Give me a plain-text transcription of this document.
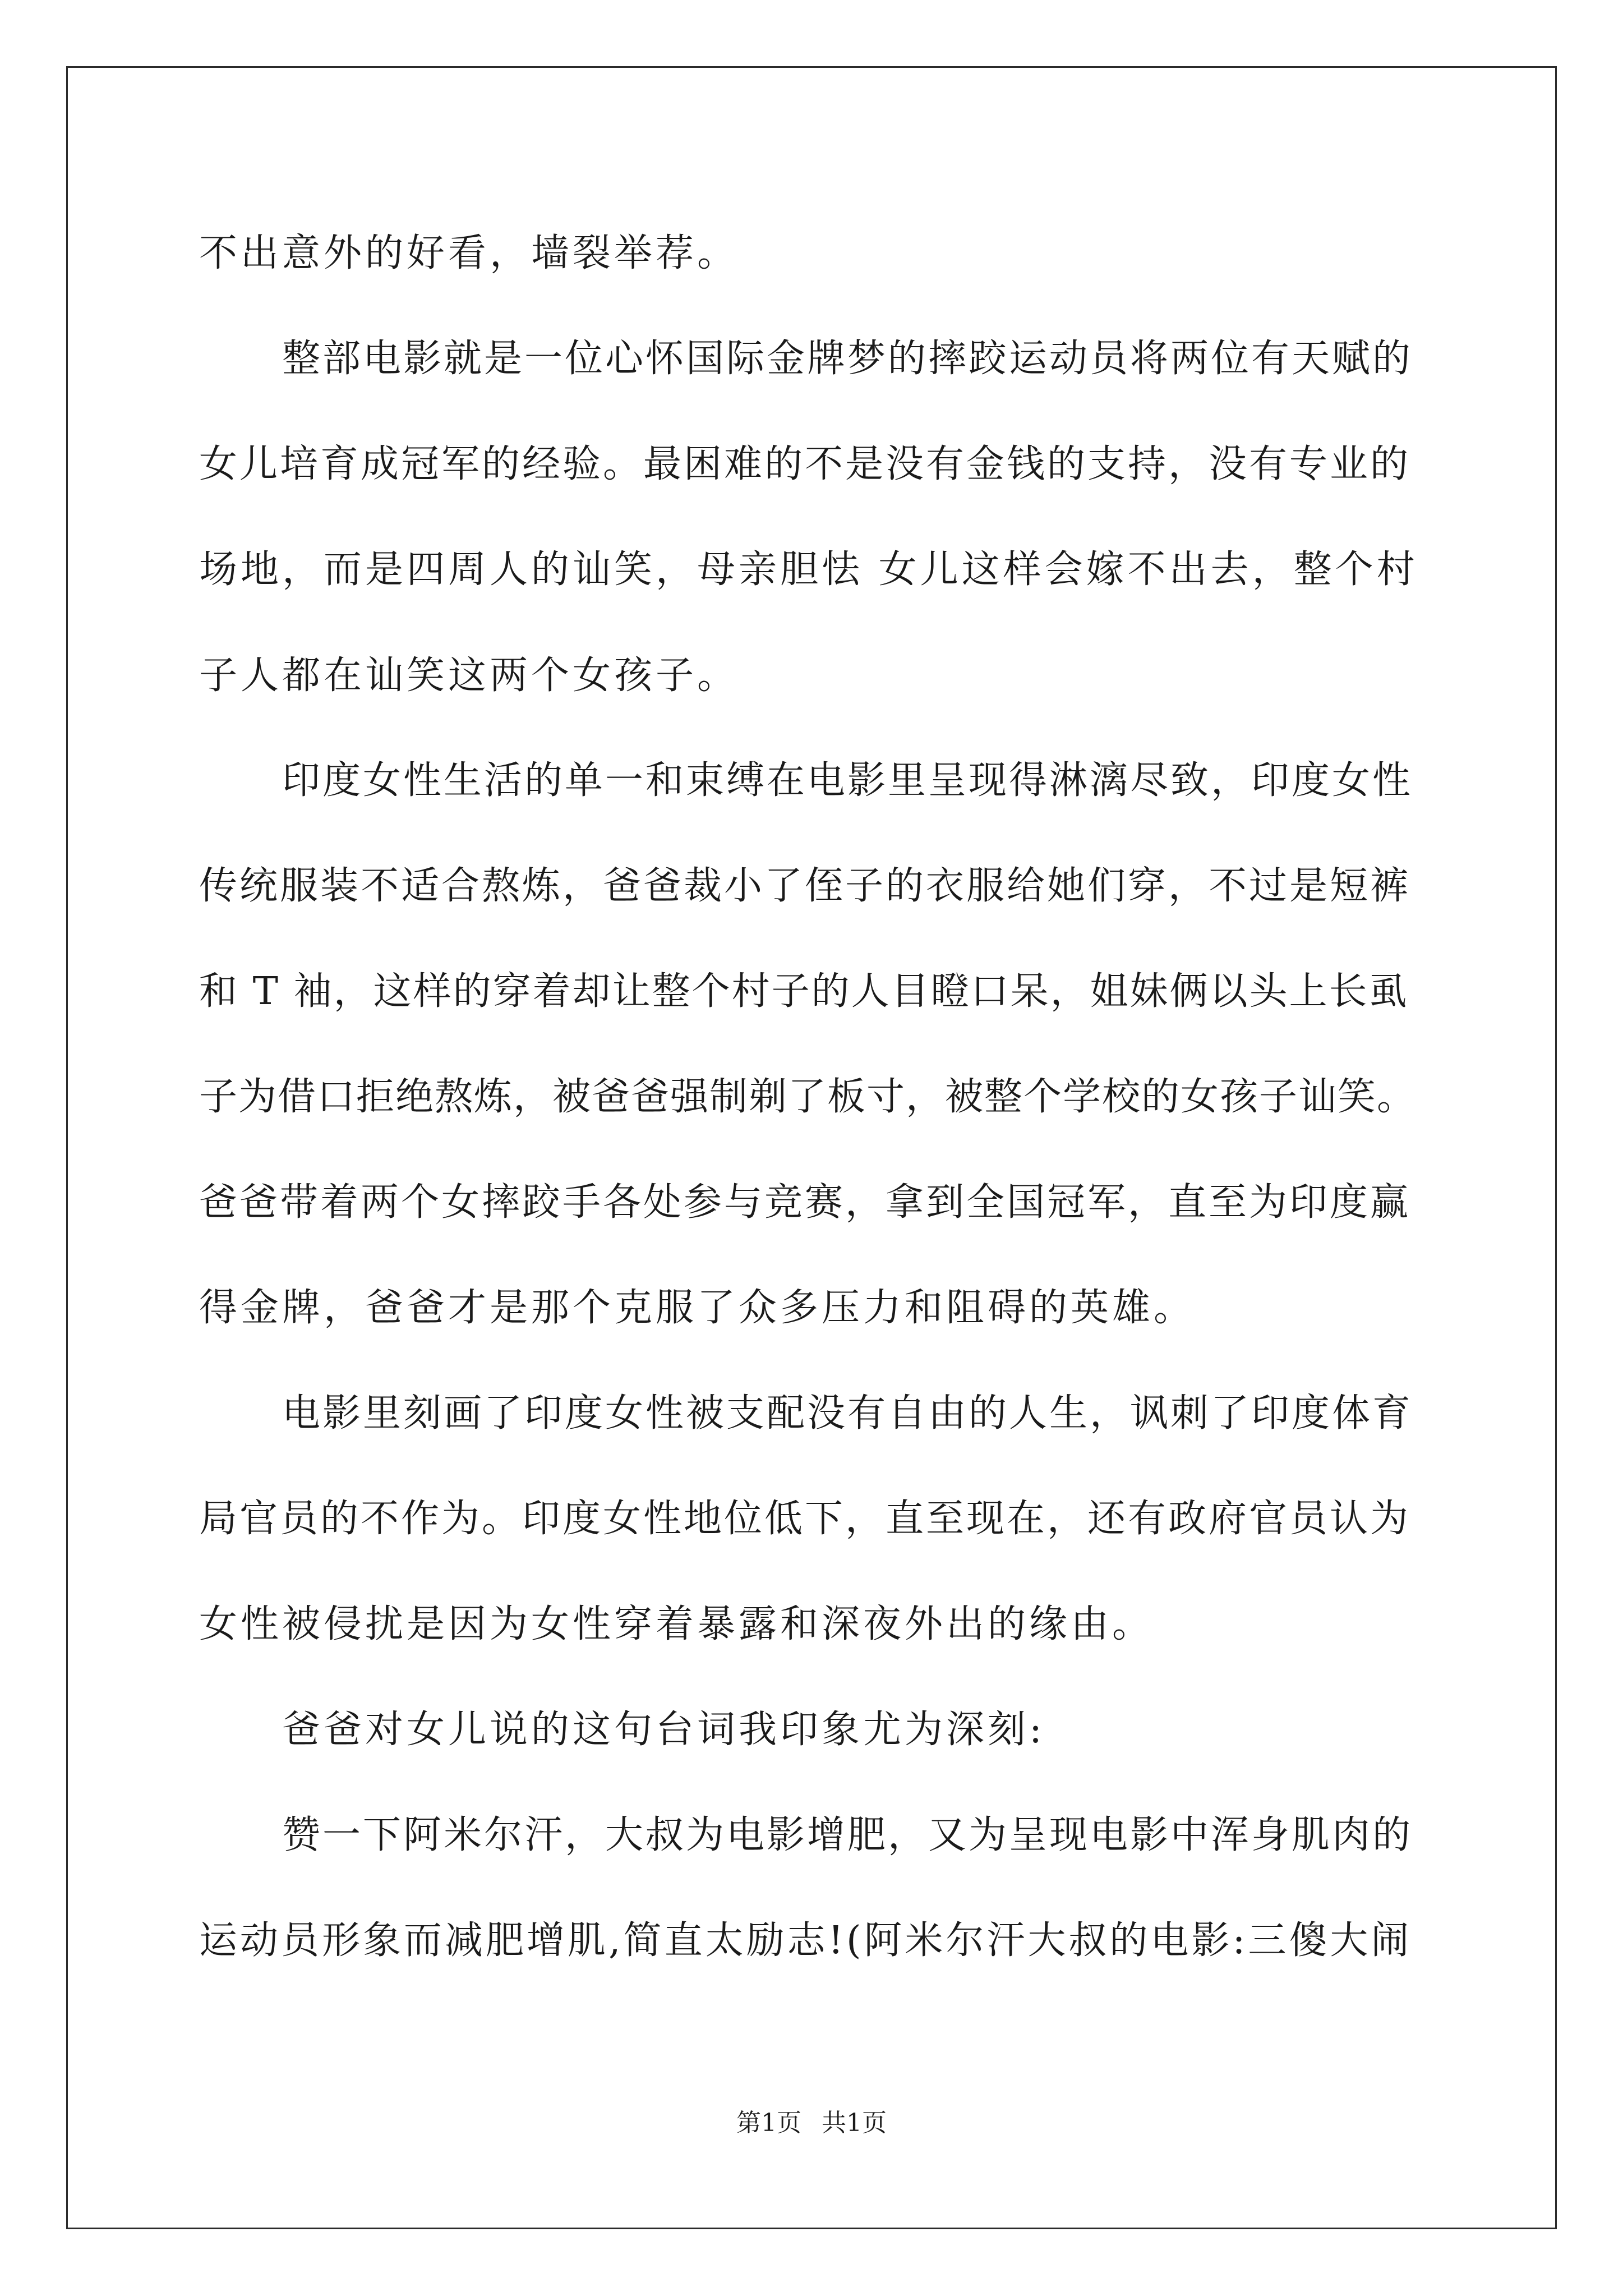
不出意外的好看，墙裂举荐。
整部电影就是一位心怀国际金牌梦的摔跤运动员将两位有天赋的
女儿培育成冠军的经验。最困难的不是没有金钱的支持，没有专业的
场地，而是四周人的讪笑，母亲胆怯 女儿这样会嫁不出去，整个村
子人都在讪笑这两个女孩子。
印度女性生活的单一和束缚在电影里呈现得淋漓尽致，印度女性
传统服装不适合熬炼，爸爸裁小了侄子的衣服给她们穿，不过是短裤
和 T 袖，这样的穿着却让整个村子的人目瞪口呆，姐妹俩以头上长虱
子为借口拒绝熬炼，被爸爸强制剃了板寸，被整个学校的女孩子讪笑。
爸爸带着两个女摔跤手各处参与竞赛，拿到全国冠军，直至为印度赢
得金牌，爸爸才是那个克服了众多压力和阻碍的英雄。
电影里刻画了印度女性被支配没有自由的人生，讽刺了印度体育
局官员的不作为。印度女性地位低下，直至现在，还有政府官员认为
女性被侵扰是因为女性穿着暴露和深夜外出的缘由。
爸爸对女儿说的这句台词我印象尤为深刻:
赞一下阿米尔汗，大叔为电影增肥，又为呈现电影中浑身肌肉的
运动员形象而减肥增肌,简直太励志!(阿米尔汗大叔的电影:三傻大闹
第1页 共1页
